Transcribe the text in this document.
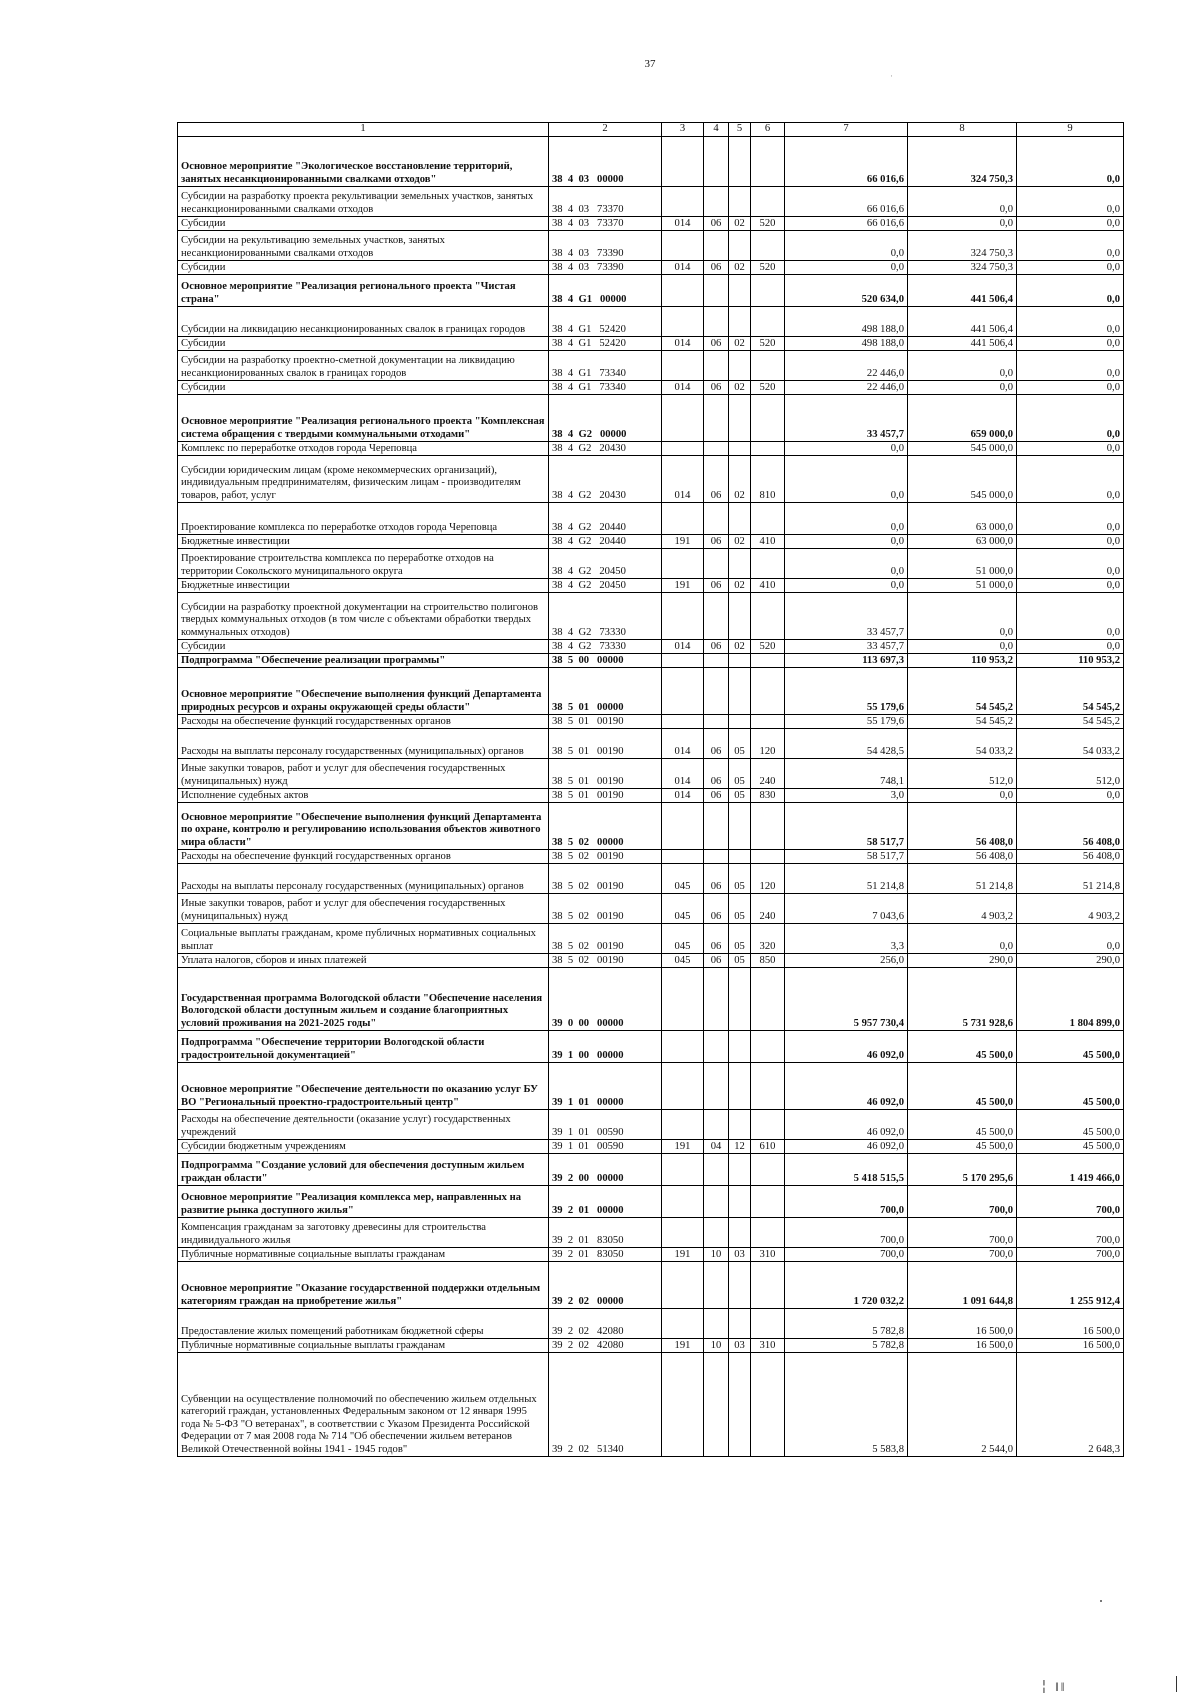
37
·
1	2	3	4	5	6	7	8	9
Основное мероприятие "Экологическое восстановление территорий, занятых несанкционированными свалками отходов"	38  4  03   00000					66 016,6	324 750,3	0,0
Субсидии на разработку проекта рекультивации земельных участков, занятых несанкционированными свалками отходов	38  4  03   73370					66 016,6	0,0	0,0
Субсидии	38  4  03   73370	014	06	02	520	66 016,6	0,0	0,0
Субсидии на рекультивацию земельных участков, занятых несанкционированными свалками отходов	38  4  03   73390					0,0	324 750,3	0,0
Субсидии	38  4  03   73390	014	06	02	520	0,0	324 750,3	0,0
Основное мероприятие "Реализация регионального проекта "Чистая страна"	38  4  G1   00000					520 634,0	441 506,4	0,0
Субсидии на ликвидацию несанкционированных свалок в границах городов	38  4  G1   52420					498 188,0	441 506,4	0,0
Субсидии	38  4  G1   52420	014	06	02	520	498 188,0	441 506,4	0,0
Субсидии на разработку проектно-сметной документации на ликвидацию несанкционированных свалок в границах городов	38  4  G1   73340					22 446,0	0,0	0,0
Субсидии	38  4  G1   73340	014	06	02	520	22 446,0	0,0	0,0
Основное мероприятие "Реализация регионального проекта "Комплексная система обращения с твердыми коммунальными отходами"	38  4  G2   00000					33 457,7	659 000,0	0,0
Комплекс по переработке отходов города Череповца	38  4  G2   20430					0,0	545 000,0	0,0
Субсидии юридическим лицам (кроме некоммерческих организаций), индивидуальным предпринимателям, физическим лицам - производителям товаров, работ, услуг	38  4  G2   20430	014	06	02	810	0,0	545 000,0	0,0
Проектирование комплекса по переработке отходов города Череповца	38  4  G2   20440					0,0	63 000,0	0,0
Бюджетные инвестиции	38  4  G2   20440	191	06	02	410	0,0	63 000,0	0,0
Проектирование строительства комплекса по переработке отходов на территории Сокольского муниципального округа	38  4  G2   20450					0,0	51 000,0	0,0
Бюджетные инвестиции	38  4  G2   20450	191	06	02	410	0,0	51 000,0	0,0
Субсидии на разработку проектной документации на строительство полигонов твердых коммунальных отходов (в том числе с объектами обработки твердых коммунальных отходов)	38  4  G2   73330					33 457,7	0,0	0,0
Субсидии	38  4  G2   73330	014	06	02	520	33 457,7	0,0	0,0
Подпрограмма "Обеспечение реализации программы"	38  5  00   00000					113 697,3	110 953,2	110 953,2
Основное мероприятие "Обеспечение выполнения функций Департамента природных ресурсов и охраны окружающей среды области"	38  5  01   00000					55 179,6	54 545,2	54 545,2
Расходы на обеспечение функций государственных органов	38  5  01   00190					55 179,6	54 545,2	54 545,2
Расходы на выплаты персоналу государственных (муниципальных) органов	38  5  01   00190	014	06	05	120	54 428,5	54 033,2	54 033,2
Иные закупки товаров, работ и услуг для обеспечения государственных (муниципальных) нужд	38  5  01   00190	014	06	05	240	748,1	512,0	512,0
Исполнение судебных актов	38  5  01   00190	014	06	05	830	3,0	0,0	0,0
Основное мероприятие "Обеспечение выполнения функций Департамента по охране, контролю и регулированию использования объектов животного мира области"	38  5  02   00000					58 517,7	56 408,0	56 408,0
Расходы на обеспечение функций государственных органов	38  5  02   00190					58 517,7	56 408,0	56 408,0
Расходы на выплаты персоналу государственных (муниципальных) органов	38  5  02   00190	045	06	05	120	51 214,8	51 214,8	51 214,8
Иные закупки товаров, работ и услуг для обеспечения государственных (муниципальных) нужд	38  5  02   00190	045	06	05	240	7 043,6	4 903,2	4 903,2
Социальные выплаты гражданам, кроме публичных нормативных социальных выплат	38  5  02   00190	045	06	05	320	3,3	0,0	0,0
Уплата налогов, сборов и иных платежей	38  5  02   00190	045	06	05	850	256,0	290,0	290,0
Государственная программа Вологодской области "Обеспечение населения Вологодской области доступным жильем и создание благоприятных условий проживания на 2021-2025 годы"	39  0  00   00000					5 957 730,4	5 731 928,6	1 804 899,0
Подпрограмма "Обеспечение территории Вологодской области градостроительной документацией"	39  1  00   00000					46 092,0	45 500,0	45 500,0
Основное мероприятие "Обеспечение деятельности по оказанию услуг БУ ВО "Региональный проектно-градостроительный центр"	39  1  01   00000					46 092,0	45 500,0	45 500,0
Расходы на обеспечение деятельности (оказание услуг) государственных учреждений	39  1  01   00590					46 092,0	45 500,0	45 500,0
Субсидии бюджетным учреждениям	39  1  01   00590	191	04	12	610	46 092,0	45 500,0	45 500,0
Подпрограмма "Создание условий для обеспечения доступным жильем граждан области"	39  2  00   00000					5 418 515,5	5 170 295,6	1 419 466,0
Основное мероприятие "Реализация комплекса мер, направленных на развитие рынка доступного жилья"	39  2  01   00000					700,0	700,0	700,0
Компенсация гражданам за заготовку древесины для строительства индивидуального жилья	39  2  01   83050					700,0	700,0	700,0
Публичные нормативные социальные выплаты гражданам	39  2  01   83050	191	10	03	310	700,0	700,0	700,0
Основное мероприятие "Оказание государственной поддержки отдельным категориям граждан на приобретение жилья"	39  2  02   00000					1 720 032,2	1 091 644,8	1 255 912,4
Предоставление жилых помещений работникам бюджетной сферы	39  2  02   42080					5 782,8	16 500,0	16 500,0
Публичные нормативные социальные выплаты гражданам	39  2  02   42080	191	10	03	310	5 782,8	16 500,0	16 500,0
Субвенции на осуществление полномочий по обеспечению жильем отдельных категорий граждан, установленных Федеральным законом от 12 января 1995 года № 5-ФЗ "О ветеранах", в соответствии с Указом Президента Российской Федерации от 7 мая 2008 года № 714 "Об обеспечении жильем ветеранов Великой Отечественной войны 1941 - 1945 годов"	39  2  02   51340					5 583,8	2 544,0	2 648,3
╎ ‖‖
